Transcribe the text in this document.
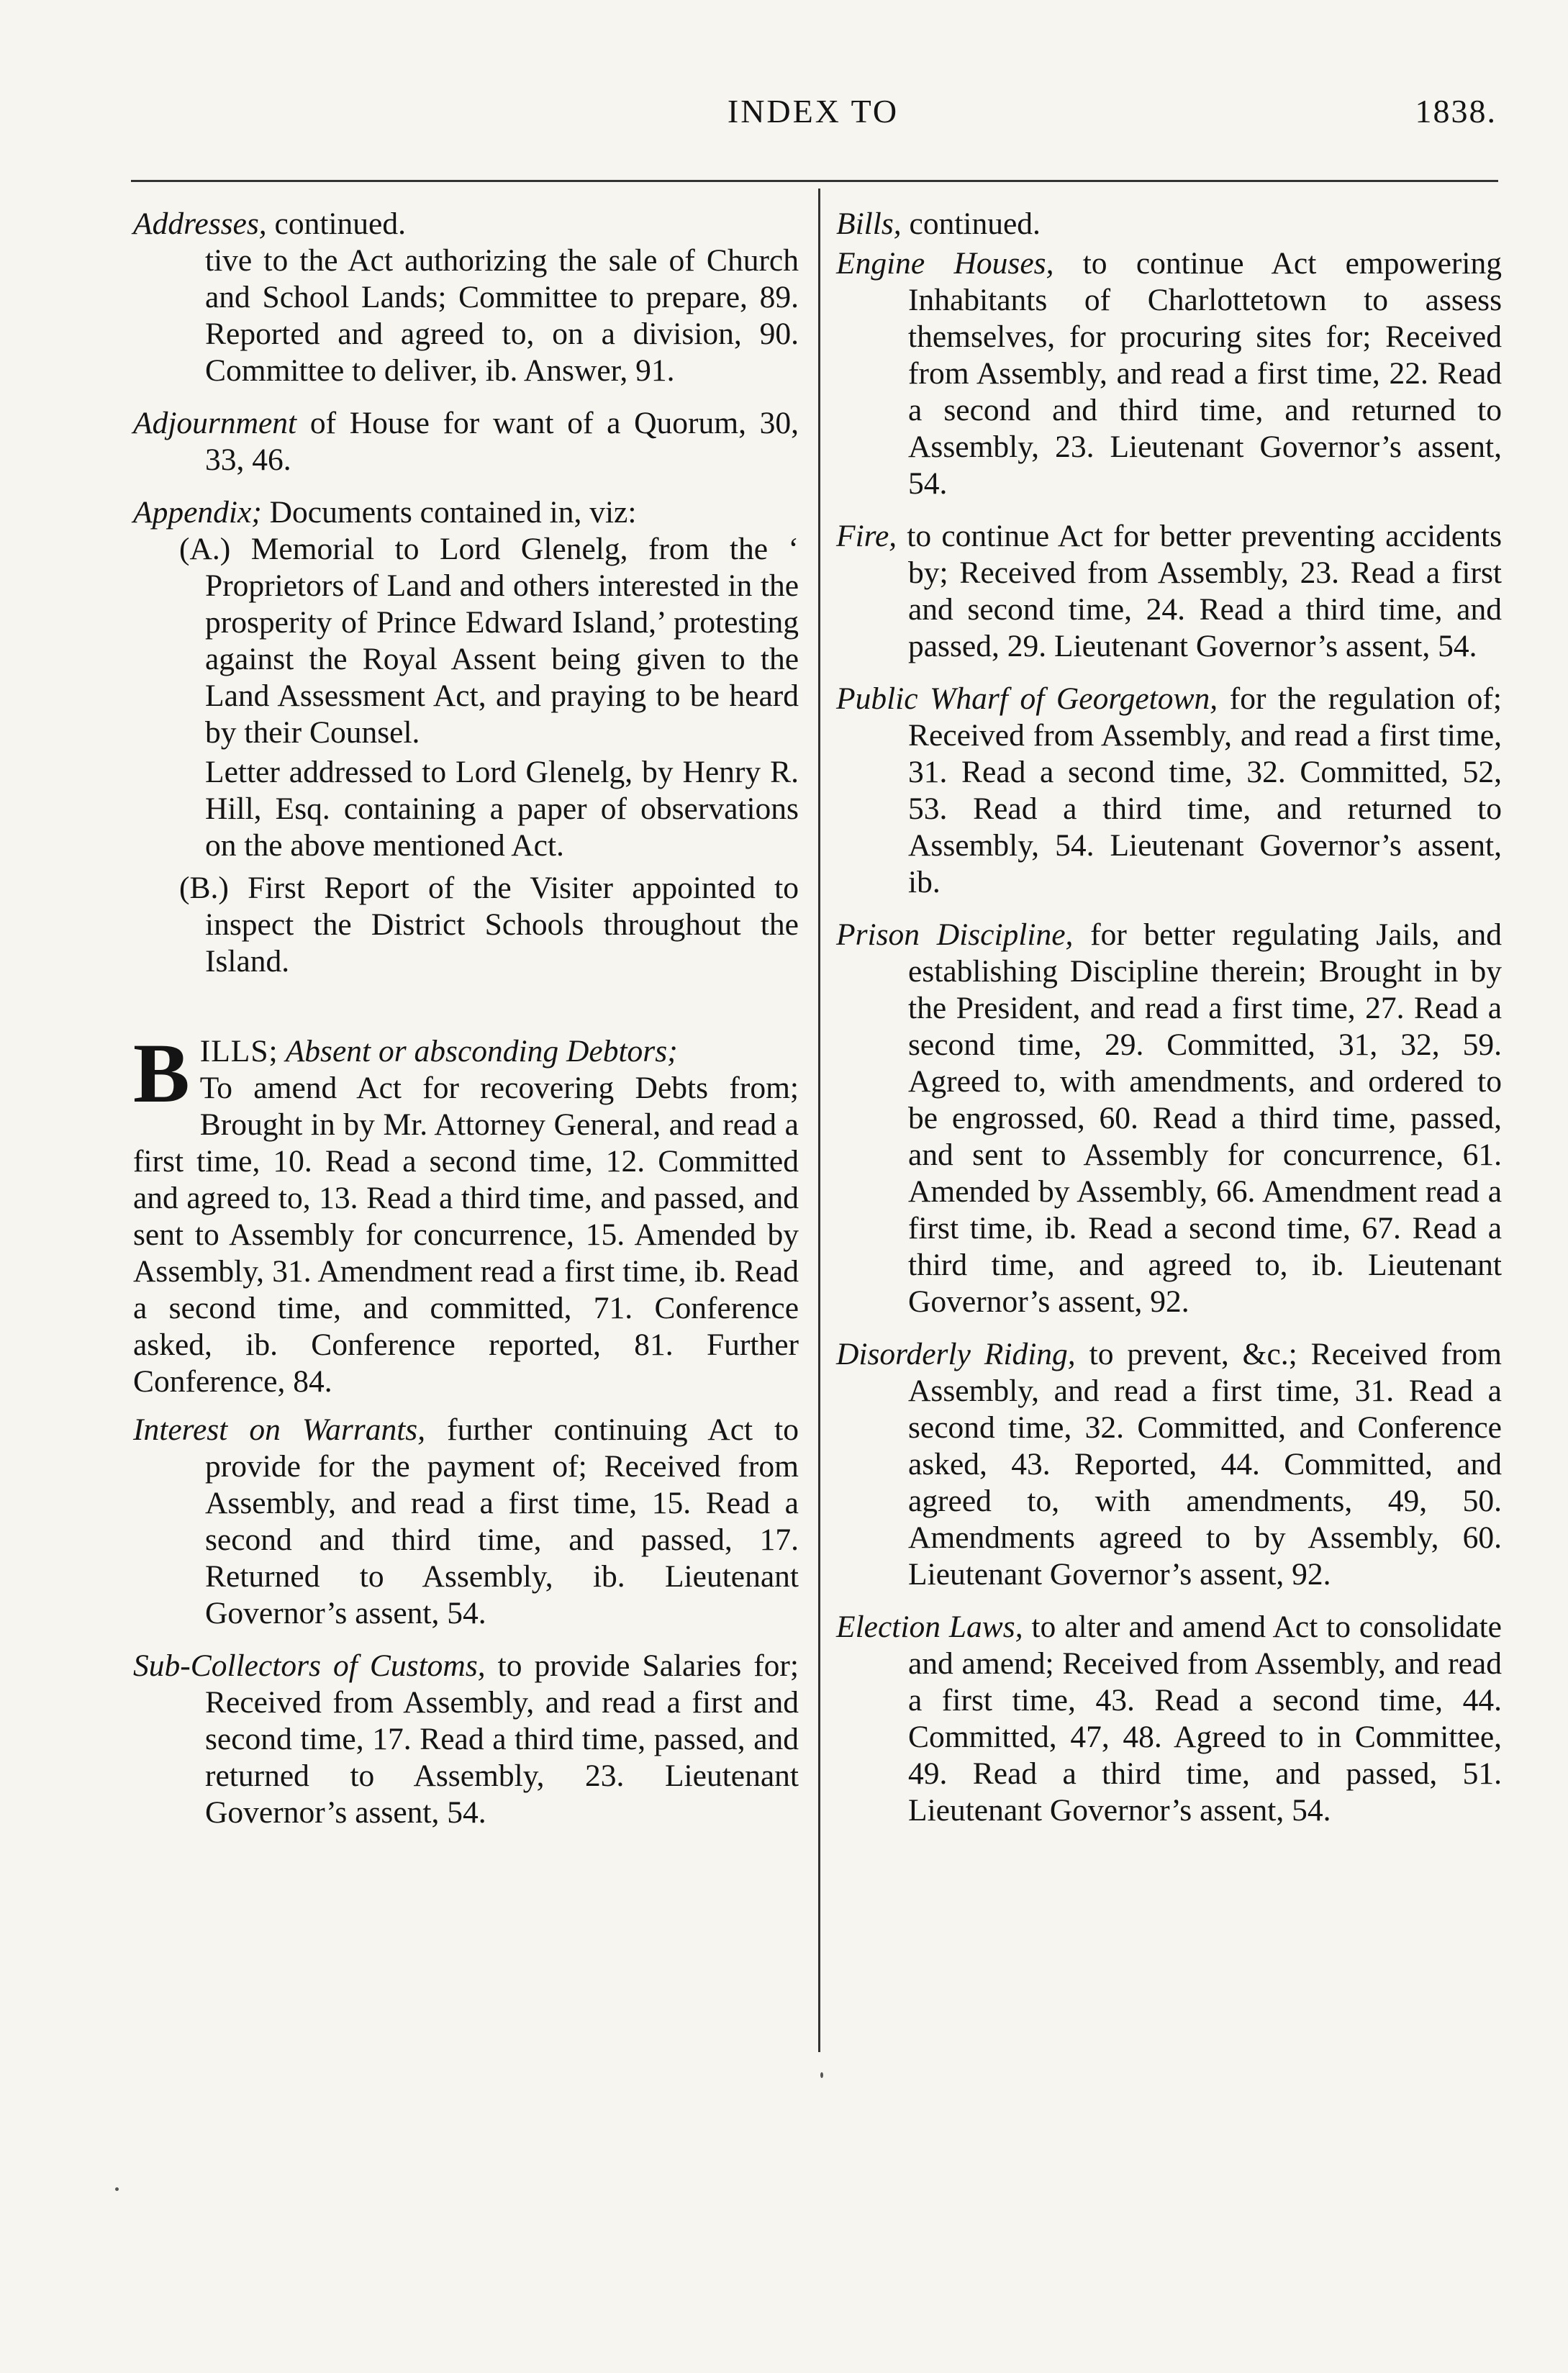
INDEX TO	1838.
Addresses, continued.
tive to the Act authorizing the sale of Church and School Lands; Committee to prepare, 89. Reported and agreed to, on a division, 90. Committee to deliver, ib. Answer, 91.
Adjournment of House for want of a Quorum, 30, 33, 46.
Appendix; Documents contained in, viz:
(A.) Memorial to Lord Glenelg, from the ‘ Proprietors of Land and others interested in the prosperity of Prince Edward Island,’ protesting against the Royal Assent being given to the Land Assessment Act, and praying to be heard by their Counsel.
Letter addressed to Lord Glenelg, by Henry R. Hill, Esq. containing a paper of observations on the above mentioned Act.
(B.) First Report of the Visiter appointed to inspect the District Schools throughout the Island.
B ILLS; Absent or absconding Debtors;
To amend Act for recovering Debts from; Brought in by Mr. Attorney General, and read a first time, 10. Read a second time, 12. Committed and agreed to, 13. Read a third time, and passed, and sent to Assembly for concurrence, 15. Amended by Assembly, 31. Amendment read a first time, ib. Read a second time, and committed, 71. Conference asked, ib. Conference reported, 81. Further Conference, 84.
Interest on Warrants, further continuing Act to provide for the payment of; Received from Assembly, and read a first time, 15. Read a second and third time, and passed, 17. Returned to Assembly, ib. Lieutenant Governor’s assent, 54.
Sub-Collectors of Customs, to provide Salaries for; Received from Assembly, and read a first and second time, 17. Read a third time, passed, and returned to Assembly, 23. Lieutenant Governor’s assent, 54.
Bills, continued.
Engine Houses, to continue Act empowering Inhabitants of Charlottetown to assess themselves, for procuring sites for; Received from Assembly, and read a first time, 22. Read a second and third time, and returned to Assembly, 23. Lieutenant Governor’s assent, 54.
Fire, to continue Act for better preventing accidents by; Received from Assembly, 23. Read a first and second time, 24. Read a third time, and passed, 29. Lieutenant Governor’s assent, 54.
Public Wharf of Georgetown, for the regulation of; Received from Assembly, and read a first time, 31. Read a second time, 32. Committed, 52, 53. Read a third time, and returned to Assembly, 54. Lieutenant Governor’s assent, ib.
Prison Discipline, for better regulating Jails, and establishing Discipline therein; Brought in by the President, and read a first time, 27. Read a second time, 29. Committed, 31, 32, 59. Agreed to, with amendments, and ordered to be engrossed, 60. Read a third time, passed, and sent to Assembly for concurrence, 61. Amended by Assembly, 66. Amendment read a first time, ib. Read a second time, 67. Read a third time, and agreed to, ib. Lieutenant Governor’s assent, 92.
Disorderly Riding, to prevent, &c.; Received from Assembly, and read a first time, 31. Read a second time, 32. Committed, and Conference asked, 43. Reported, 44. Committed, and agreed to, with amendments, 49, 50. Amendments agreed to by Assembly, 60. Lieutenant Governor’s assent, 92.
Election Laws, to alter and amend Act to consolidate and amend; Received from Assembly, and read a first time, 43. Read a second time, 44. Committed, 47, 48. Agreed to in Committee, 49. Read a third time, and passed, 51. Lieutenant Governor’s assent, 54.
